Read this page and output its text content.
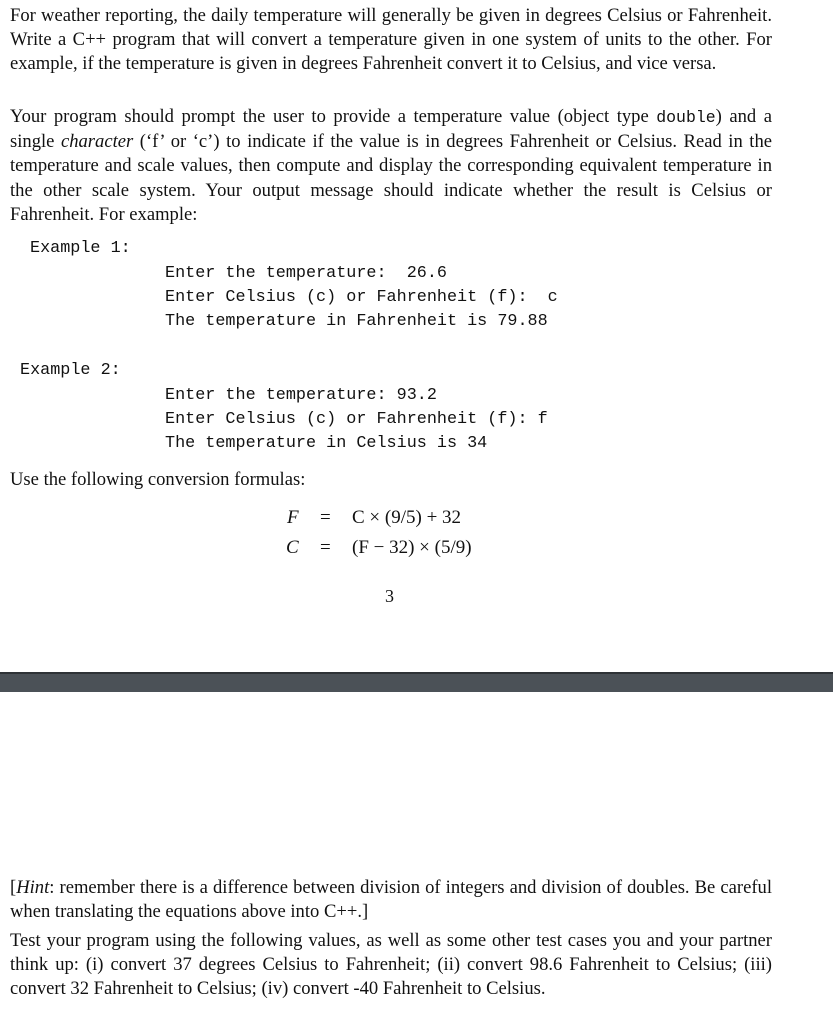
For weather reporting, the daily temperature will generally be given in degrees Celsius or Fahrenheit. Write a C++ program that will convert a temperature given in one system of units to the other. For example, if the temperature is given in degrees Fahrenheit convert it to Celsius, and vice versa.

Your program should prompt the user to provide a temperature value (object type double) and a single character (‘f’ or ‘c’) to indicate if the value is in degrees Fahrenheit or Celsius. Read in the temperature and scale values, then compute and display the corresponding equivalent temperature in the other scale system. Your output message should indicate whether the result is Celsius or Fahrenheit. For example:

Example 1:
Enter the temperature:  26.6
Enter Celsius (c) or Fahrenheit (f):  c
The temperature in Fahrenheit is 79.88
Example 2:
Enter the temperature: 93.2
Enter Celsius (c) or Fahrenheit (f): f
The temperature in Celsius is 34

Use the following conversion formulas:

F = C × (9/5) + 32
C = (F − 32) × (5/9)
3

[Hint: remember there is a difference between division of integers and division of doubles. Be careful when translating the equations above into C++.]

Test your program using the following values, as well as some other test cases you and your partner think up: (i) convert 37 degrees Celsius to Fahrenheit; (ii) convert 98.6 Fahrenheit to Celsius; (iii) convert 32 Fahrenheit to Celsius; (iv) convert -40 Fahrenheit to Celsius.
